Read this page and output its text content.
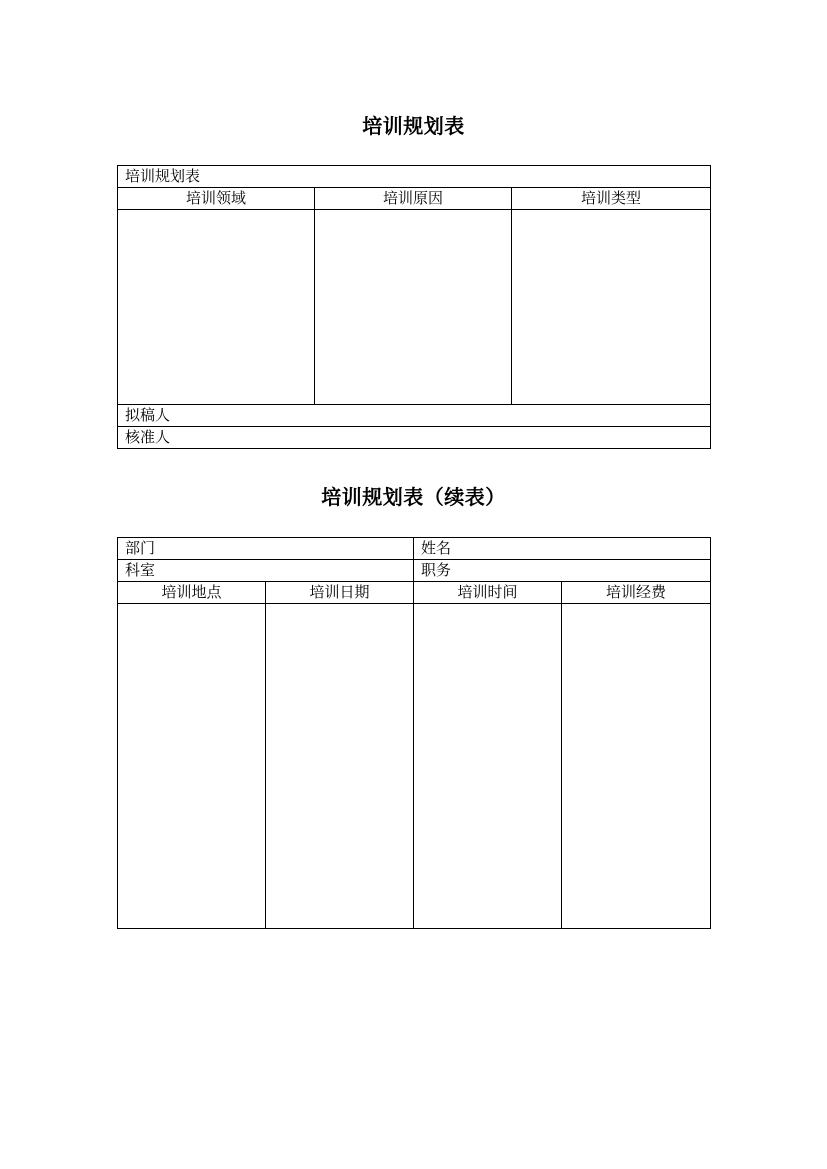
培训规划表
培训规划表		
培训领域	培训原因	培训类型

拟稿人		
核准人		
培训规划表（续表）
部门		姓名	
科室		职务	
培训地点	培训日期	培训时间	培训经费
